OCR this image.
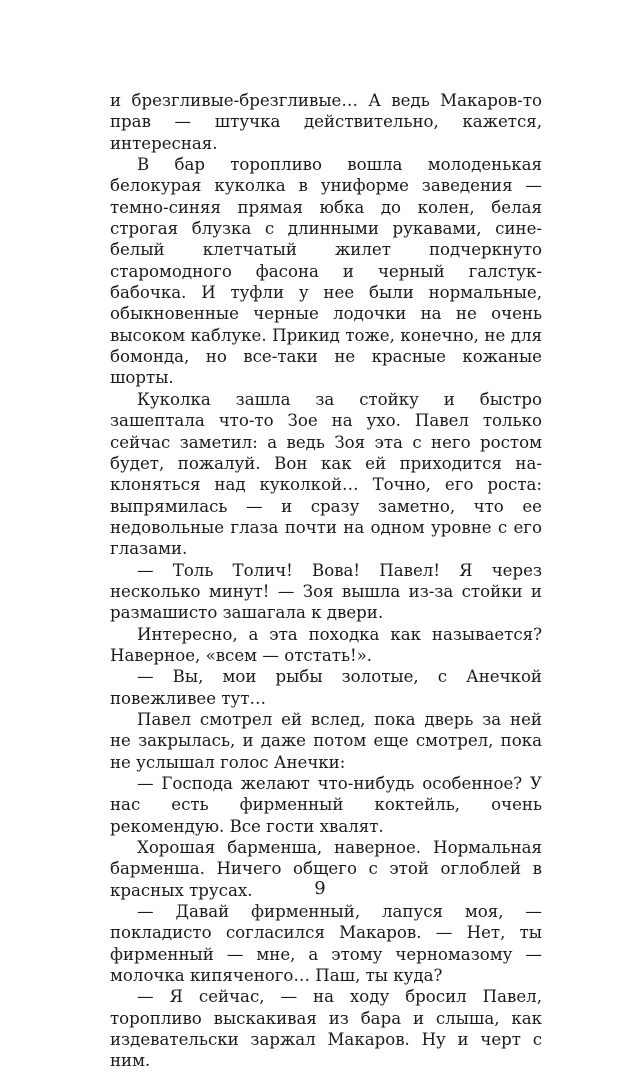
и брезгливые-брезгливые… А ведь Макаров-то прав — штучка действительно, кажется, интересная.

В бар торопливо вошла молоденькая белокурая куколка в униформе заведения — темно-синяя прямая юбка до колен, белая строгая блузка с длинными рукавами, сине-белый клетчатый жилет подчеркнуто старомодного фасона и черный галстук-бабочка. И туфли у нее были нормальные, обыкновенные черные лодочки на не очень высоком каблуке. Прикид тоже, конечно, не для бомонда, но все-таки не красные кожаные шорты.

Куколка зашла за стойку и быстро зашептала что-то Зое на ухо. Павел только сейчас заметил: а ведь Зоя эта с него ростом будет, пожалуй. Вон как ей приходится наклоняться над куколкой… Точно, его роста: выпрямилась — и сразу заметно, что ее недовольные глаза почти на одном уровне с его глазами.

— Толь Толич! Вова! Павел! Я через несколько минут! — Зоя вышла из-за стойки и размашисто зашагала к двери.

Интересно, а эта походка как называется? Наверное, «всем — отстать!».

— Вы, мои рыбы золотые, с Анечкой повежливее тут…

Павел смотрел ей вслед, пока дверь за ней не закрылась, и даже потом еще смотрел, пока не услышал голос Анечки:

— Господа желают что-нибудь особенное? У нас есть фирменный коктейль, очень рекомендую. Все гости хвалят.

Хорошая барменша, наверное. Нормальная барменша. Ничего общего с этой оглоблей в красных трусах.

— Давай фирменный, лапуся моя, — покладисто согласился Макаров. — Нет, ты фирменный — мне, а этому черномазому — молочка кипяченого… Паш, ты куда?

— Я сейчас, — на ходу бросил Павел, торопливо выскакивая из бара и слыша, как издевательски заржал Макаров. Ну и черт с ним.

9
